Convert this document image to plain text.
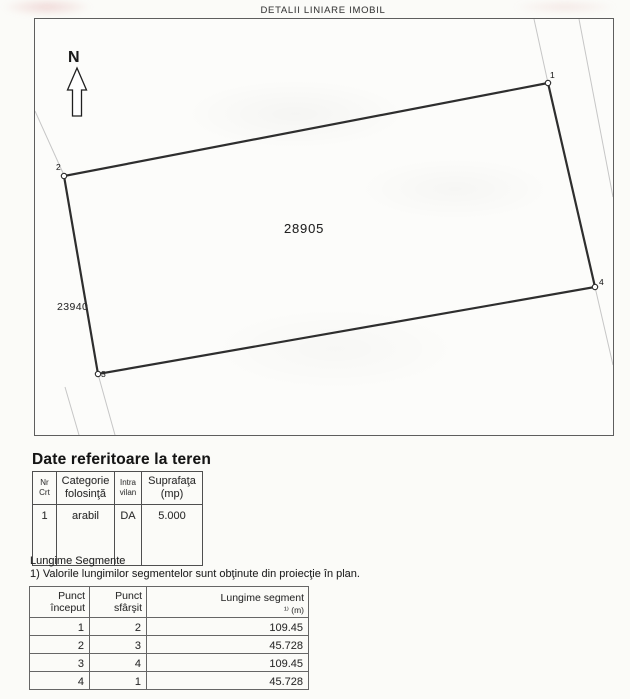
DETALII LINIARE IMOBIL
1
2
3
4
28905
23940
N
Date referitoare la teren
Nr Crt	Categorie folosinţă	Intra vilan	Suprafaţa (mp)
1	arabil	DA	5.000
Lungime Segmente
1) Valorile lungimilor segmentelor sunt obţinute din proiecţie în plan.
Punct început	Punct sfârşit	Lungime segment
¹⁾ (m)

1	2	109.45
2	3	45.728
3	4	109.45
4	1	45.728
